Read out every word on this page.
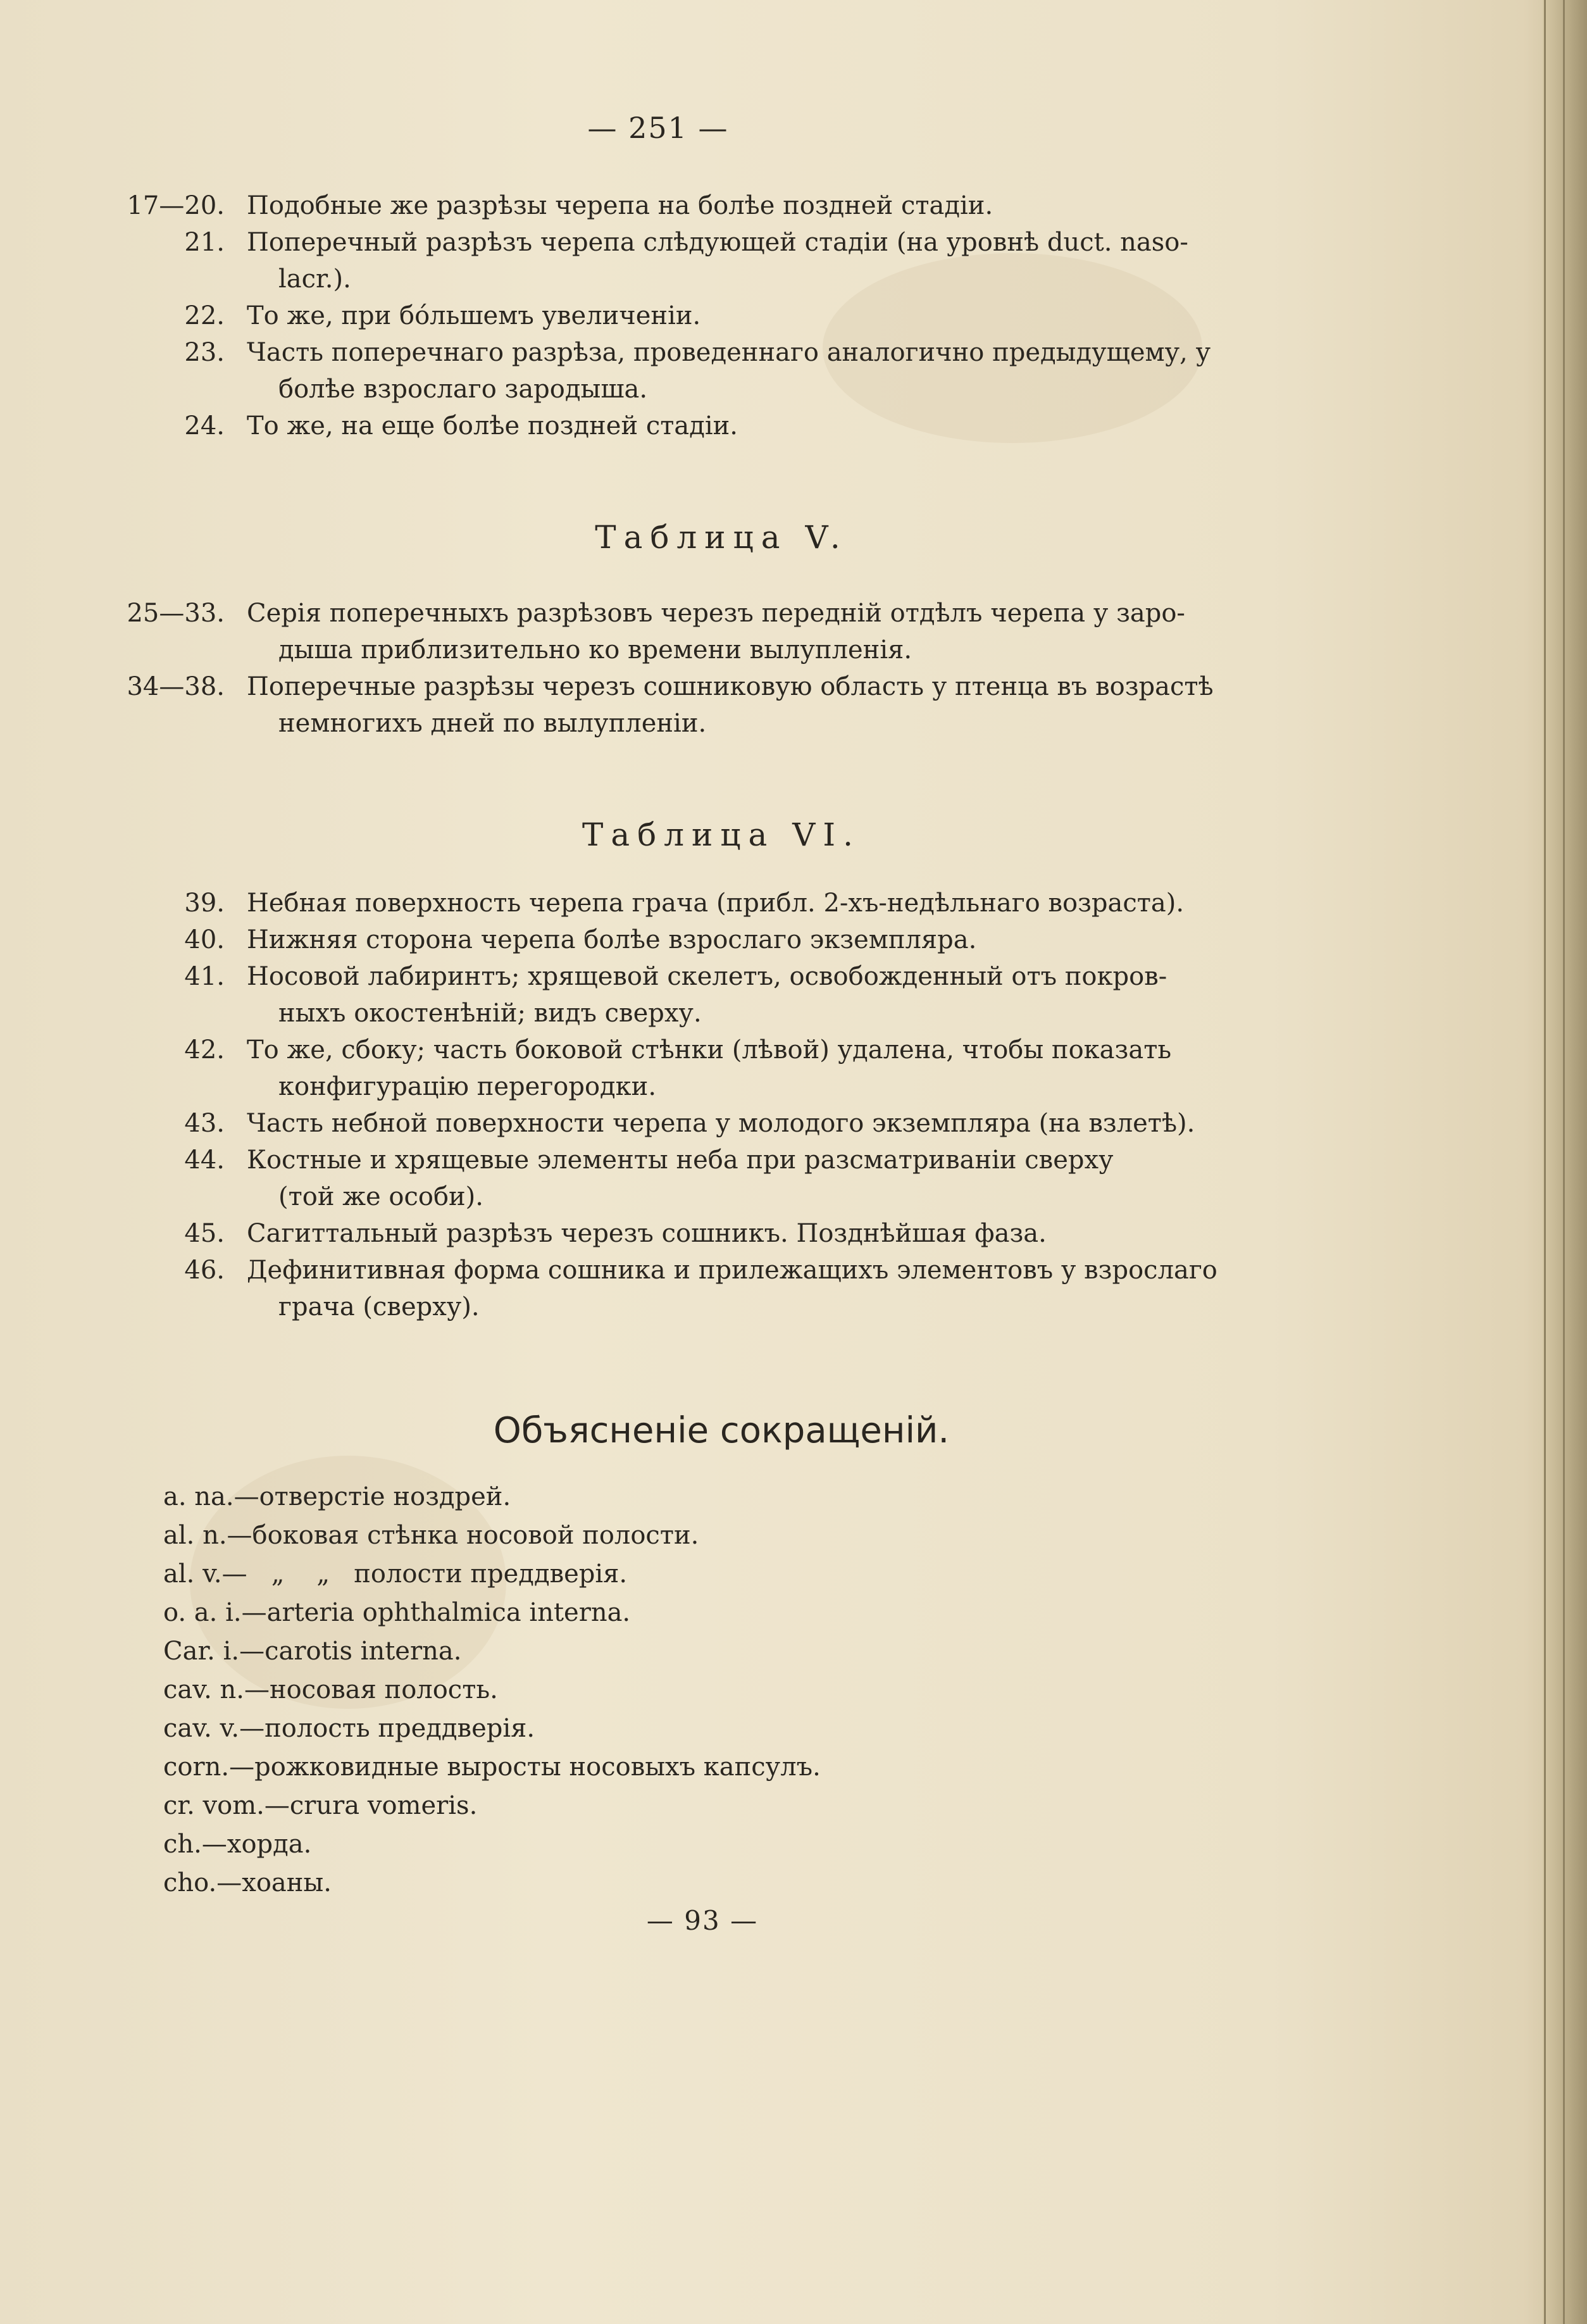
— 251 —
17—20. Подобные же разрѣзы черепа на болѣе поздней стадіи.
21. Поперечный разрѣзъ черепа слѣдующей стадіи (на уровнѣ duct. naso-
lacr.).
22. То же, при бóльшемъ увеличеніи.
23. Часть поперечнаго разрѣза, проведеннаго аналогично предыдущему, у
болѣе взрослаго зародыша.
24. То же, на еще болѣе поздней стадіи.
Таблица V.
25—33. Серія поперечныхъ разрѣзовъ черезъ передній отдѣлъ черепа у заро-
дыша приблизительно ко времени вылупленія.
34—38. Поперечные разрѣзы черезъ сошниковую область у птенца въ возрастѣ
немногихъ дней по вылупленіи.
Таблица VI.
39. Небная поверхность черепа грача (прибл. 2-хъ-недѣльнаго возраста).
40. Нижняя сторона черепа болѣе взрослаго экземпляра.
41. Носовой лабиринтъ; хрящевой скелетъ, освобожденный отъ покров-
ныхъ окостенѣній; видъ сверху.
42. То же, сбоку; часть боковой стѣнки (лѣвой) удалена, чтобы показать
конфигурацію перегородки.
43. Часть небной поверхности черепа у молодого экземпляра (на взлетѣ).
44. Костные и хрящевые элементы неба при разсматриваніи сверху
(той же особи).
45. Сагиттальный разрѣзъ черезъ сошникъ. Позднѣйшая фаза.
46. Дефинитивная форма сошника и прилежащихъ элементовъ у взрослаго
грача (сверху).
Объясненіе сокращеній.
a. na.—отверстіе ноздрей.
al. n.—боковая стѣнка носовой полости.
al. v.—   „    „   полости преддверія.
o. a. i.—arteria ophthalmica interna.
Car. i.—carotis interna.
cav. n.—носовая полость.
cav. v.—полость преддверія.
corn.—рожковидные выросты носовыхъ капсулъ.
cr. vom.—crura vomeris.
ch.—хорда.
cho.—хоаны.
— 93 —
